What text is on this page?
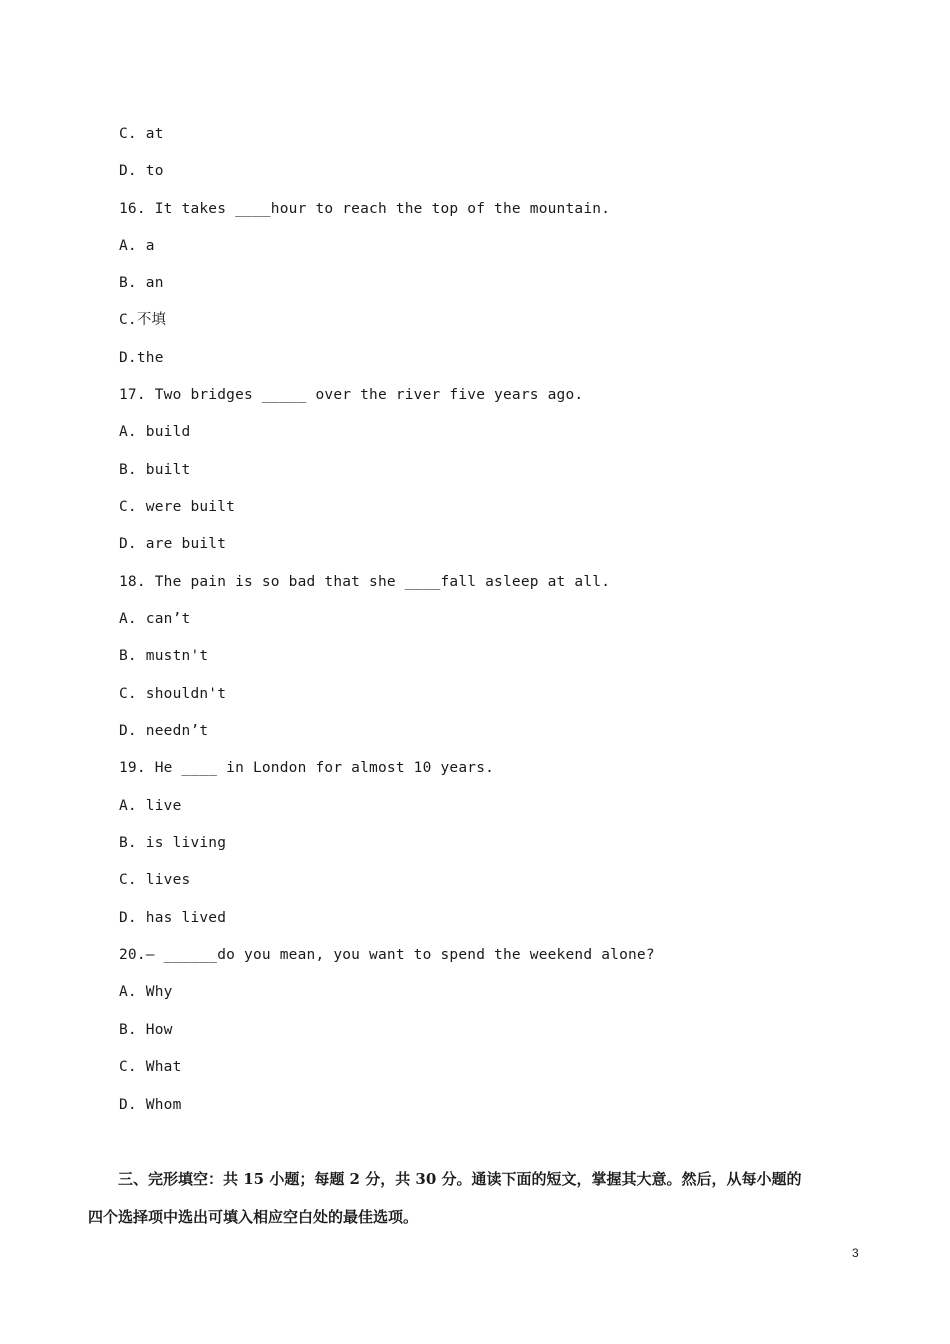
C. at
D. to
16. It takes ____hour to reach the top of the mountain.
A. a
B. an
C.不填
D.the
17. Two bridges _____ over the river five years ago.
A. build
B. built
C. were built
D. are built
18. The pain is so bad that she ____fall asleep at all.
A. can’t
B. mustn't
C. shouldn't
D. needn’t
19. He ____ in London for almost 10 years.
A. live
B. is living
C. lives
D. has lived
20.— ______do you mean, you want to spend the weekend alone?
A. Why
B. How
C. What
D. Whom
三、完形填空：共 15 小题；每题 2 分，共 30 分。通读下面的短文，掌握其大意。然后，从每小题的
四个选择项中选出可填入相应空白处的最佳选项。
3
